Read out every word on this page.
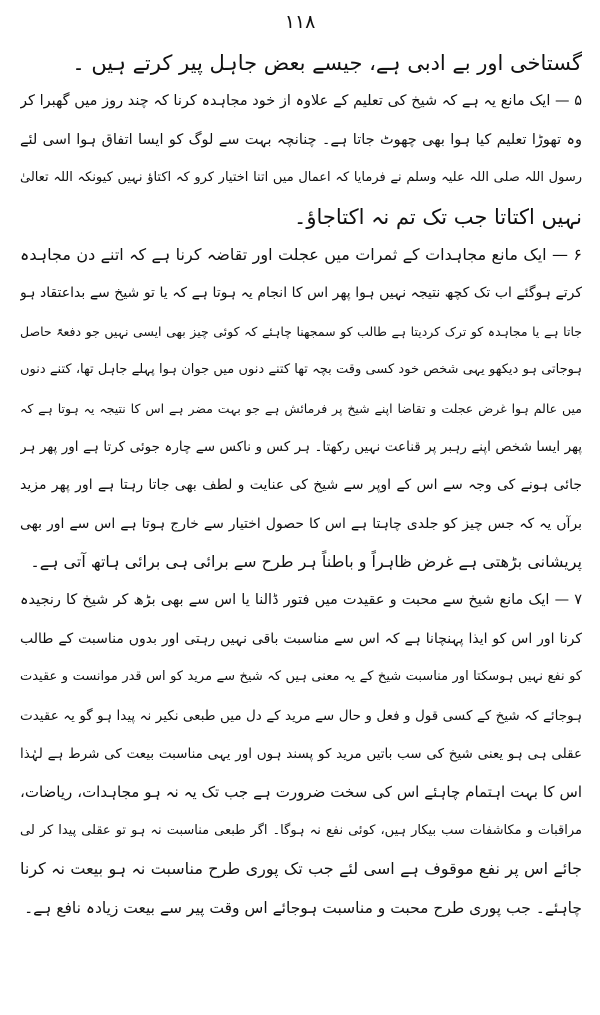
۱۱۸
گستاخی اور بے ادبی ہے، جیسے بعض جاہل پیر کرتے ہیں ۔
۵ — ایک مانع یہ ہے کہ شیخ کی تعلیم کے علاوہ از خود مجاہدہ کرنا کہ چند روز میں گھبرا کر
وہ تھوڑا تعلیم کیا ہوا بھی چھوٹ جاتا ہے۔ چنانچہ بہت سے لوگ کو ایسا اتفاق ہوا اسی لئے
رسول اللہ صلی اللہ علیہ وسلم نے فرمایا کہ اعمال میں اتنا اختیار کرو کہ اکتاؤ نہیں کیونکہ اللہ تعالیٰ
نہیں اکتاتا جب تک تم نہ اکتاجاؤ۔
۶ — ایک مانع مجاہدات کے ثمرات میں عجلت اور تقاضہ کرنا ہے کہ اتنے دن مجاہدہ
کرتے ہوگئے اب تک کچھ نتیجہ نہیں ہوا پھر اس کا انجام یہ ہوتا ہے کہ یا تو شیخ سے بداعتقاد ہو
جاتا ہے یا مجاہدہ کو ترک کردیتا ہے طالب کو سمجھنا چاہئے کہ کوئی چیز بھی ایسی نہیں جو دفعۃً حاصل
ہوجاتی ہو دیکھو یہی شخص خود کسی وقت بچہ تھا کتنے دنوں میں جوان ہوا پہلے جاہل تھا، کتنے دنوں
میں عالم ہوا غرض عجلت و تقاضا اپنے شیخ پر فرمائش ہے جو بہت مضر ہے اس کا نتیجہ یہ ہوتا ہے کہ
پھر ایسا شخص اپنے رہبر پر قناعت نہیں رکھتا۔ ہر کس و ناکس سے چارہ جوئی کرتا ہے اور پھر ہر
جائی ہونے کی وجہ سے اس کے اوپر سے شیخ کی عنایت و لطف بھی جاتا رہتا ہے اور پھر مزید
برآں یہ کہ جس چیز کو جلدی چاہتا ہے اس کا حصول اختیار سے خارج ہوتا ہے اس سے اور بھی
پریشانی بڑھتی ہے غرض ظاہراً و باطناً ہر طرح سے برائی ہی برائی ہاتھ آتی ہے۔
۷ — ایک مانع شیخ سے محبت و عقیدت میں فتور ڈالنا یا اس سے بھی بڑھ کر شیخ کا رنجیدہ
کرنا اور اس کو ایذا پہنچانا ہے کہ اس سے مناسبت باقی نہیں رہتی اور بدوں مناسبت کے طالب
کو نفع نہیں ہوسکتا اور مناسبت شیخ کے یہ معنی ہیں کہ شیخ سے مرید کو اس قدر موانست و عقیدت
ہوجائے کہ شیخ کے کسی قول و فعل و حال سے مرید کے دل میں طبعی نکیر نہ پیدا ہو گو یہ عقیدت
عقلی ہی ہو یعنی شیخ کی سب باتیں مرید کو پسند ہوں اور یہی مناسبت بیعت کی شرط ہے لہٰذا
اس کا بہت اہتمام چاہئے اس کی سخت ضرورت ہے جب تک یہ نہ ہو مجاہدات، ریاضات،
مراقبات و مکاشفات سب بیکار ہیں، کوئی نفع نہ ہوگا۔ اگر طبعی مناسبت نہ ہو تو عقلی پیدا کر لی
جائے اس پر نفع موقوف ہے اسی لئے جب تک پوری طرح مناسبت نہ ہو بیعت نہ کرنا
چاہئے۔ جب پوری طرح محبت و مناسبت ہوجائے اس وقت پیر سے بیعت زیادہ نافع ہے۔
